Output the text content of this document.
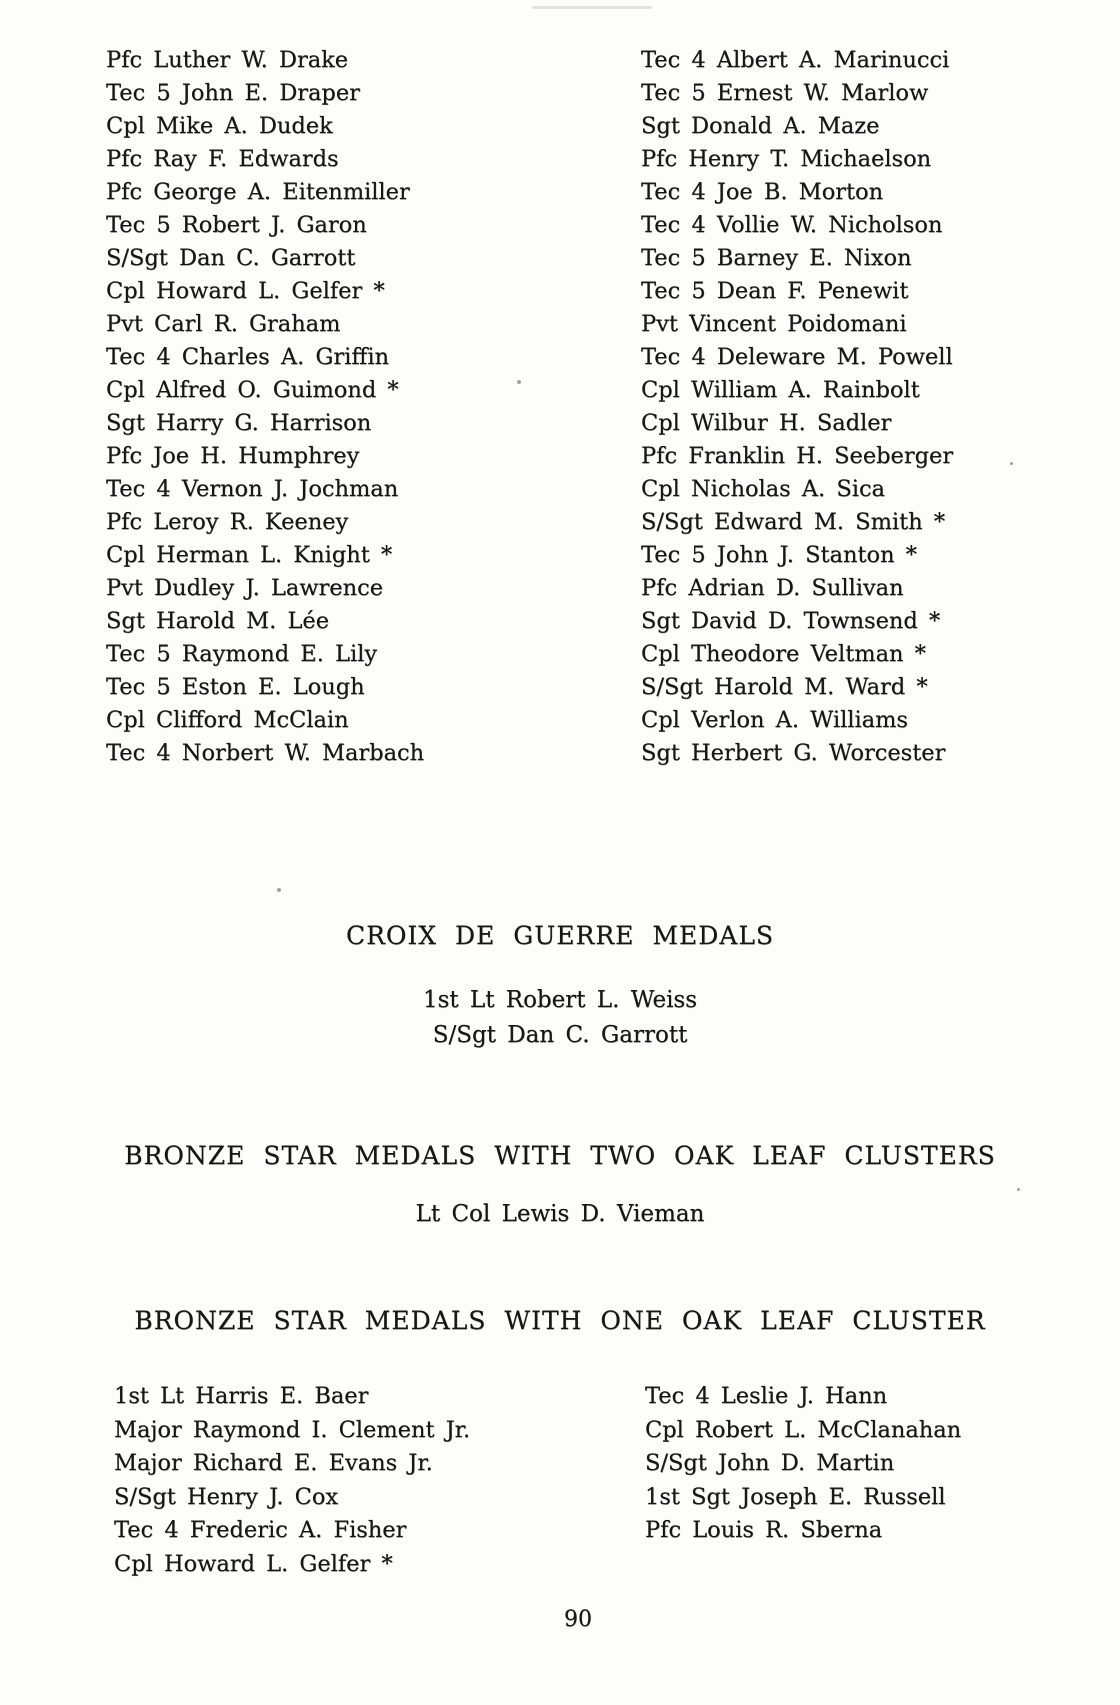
Pfc Luther W. Drake

Tec 5 John E. Draper

Cpl Mike A. Dudek

Pfc Ray F. Edwards

Pfc George A. Eitenmiller

Tec 5 Robert J. Garon

S/Sgt Dan C. Garrott

Cpl Howard L. Gelfer *

Pvt Carl R. Graham

Tec 4 Charles A. Griffin

Cpl Alfred O. Guimond *

Sgt Harry G. Harrison

Pfc Joe H. Humphrey

Tec 4 Vernon J. Jochman

Pfc Leroy R. Keeney

Cpl Herman L. Knight *

Pvt Dudley J. Lawrence

Sgt Harold M. Lée

Tec 5 Raymond E. Lily

Tec 5 Eston E. Lough

Cpl Clifford McClain

Tec 4 Norbert W. Marbach

Tec 4 Albert A. Marinucci

Tec 5 Ernest W. Marlow

Sgt Donald A. Maze

Pfc Henry T. Michaelson

Tec 4 Joe B. Morton

Tec 4 Vollie W. Nicholson

Tec 5 Barney E. Nixon

Tec 5 Dean F. Penewit

Pvt Vincent Poidomani

Tec 4 Deleware M. Powell

Cpl William A. Rainbolt

Cpl Wilbur H. Sadler

Pfc Franklin H. Seeberger

Cpl Nicholas A. Sica

S/Sgt Edward M. Smith *

Tec 5 John J. Stanton *

Pfc Adrian D. Sullivan

Sgt David D. Townsend *

Cpl Theodore Veltman *

S/Sgt Harold M. Ward *

Cpl Verlon A. Williams

Sgt Herbert G. Worcester

CROIX DE GUERRE MEDALS

1st Lt Robert L. Weiss

S/Sgt Dan C. Garrott

BRONZE STAR MEDALS WITH TWO OAK LEAF CLUSTERS

Lt Col Lewis D. Vieman

BRONZE STAR MEDALS WITH ONE OAK LEAF CLUSTER

1st Lt Harris E. Baer

Major Raymond I. Clement Jr.

Major Richard E. Evans Jr.

S/Sgt Henry J. Cox

Tec 4 Frederic A. Fisher

Cpl Howard L. Gelfer *

Tec 4 Leslie J. Hann

Cpl Robert L. McClanahan

S/Sgt John D. Martin

1st Sgt Joseph E. Russell

Pfc Louis R. Sberna

90
